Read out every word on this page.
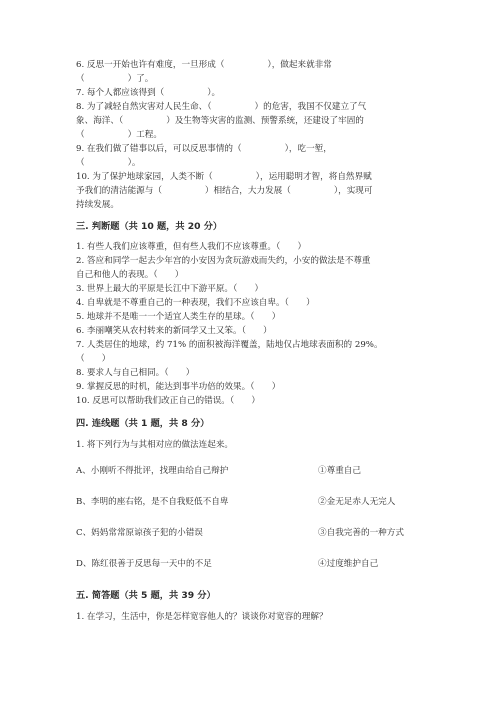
6. 反思一开始也许有难度，一旦形成（　　　　　），做起来就非常
（　　　　　）了。
7. 每个人都应该得到（　　　　　）。
8. 为了减轻自然灾害对人民生命、（　　　　　）的危害，我国不仅建立了气
象、海洋、（　　　　　）及生物等灾害的监测、预警系统，还建设了牢固的
（　　　　　）工程。
9. 在我们做了错事以后，可以反思事情的（　　　　　），吃一堑，
（　　　　　）。
10. 为了保护地球家园，人类不断（　　　　　），运用聪明才智，将自然界赋
予我们的清洁能源与（　　　　　）相结合，大力发展（　　　　　），实现可
持续发展。
三. 判断题（共 10 题，共 20 分）
1. 有些人我们应该尊重，但有些人我们不应该尊重。（　　）
2. 答应和同学一起去少年宫的小安因为贪玩游戏而失约，小安的做法是不尊重
自己和他人的表现。（　　）
3. 世界上最大的平原是长江中下游平原。（　　）
4. 自卑就是不尊重自己的一种表现，我们不应该自卑。（　　）
5. 地球并不是唯一一个适宜人类生存的星球。（　　）
6. 李丽嘲笑从农村转来的新同学又土又笨。（　　）
7. 人类居住的地球，约 71% 的面积被海洋覆盖，陆地仅占地球表面积的 29%。
（　　）
8. 要求人与自己相同。（　　）
9. 掌握反思的时机，能达到事半功倍的效果。（　　）
10. 反思可以帮助我们改正自己的错误。（　　）
四. 连线题（共 1 题，共 8 分）
1. 将下列行为与其相对应的做法连起来。
A、小刚听不得批评，找理由给自己辩护	①尊重自己
B、李明的座右铭，是不自我贬低不自卑	②金无足赤人无完人
C、妈妈常常原谅孩子犯的小错误	③自我完善的一种方式
D、陈红很善于反思每一天中的不足	④过度维护自己
五. 简答题（共 5 题，共 39 分）
1. 在学习，生活中，你是怎样宽容他人的？谈谈你对宽容的理解？
